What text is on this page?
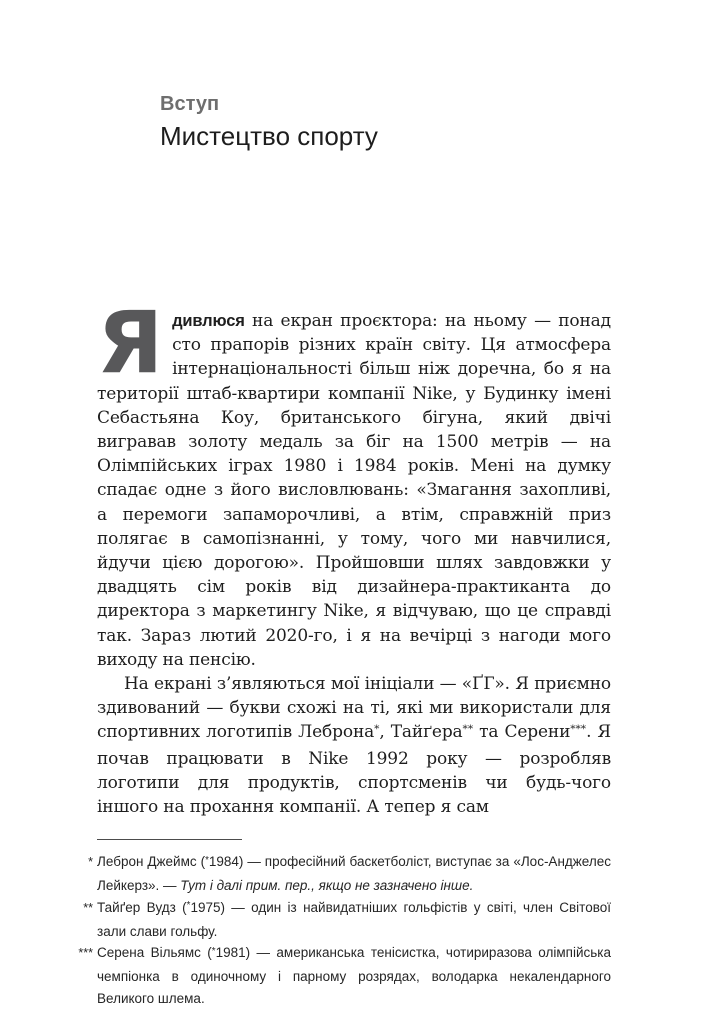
Вступ
Мистецтво спорту

Ядивлюся на екран проєктора: на ньому — понад сто прапорів різних країн світу. Ця атмосфера інтернаціональності більш ніж доречна, бо я на території штаб-квартири компанії Nike, у Будинку імені Себастьяна Коу, британського бігуна, який двічі вигравав золоту медаль за біг на 1500 метрів — на Олімпійських іграх 1980 і 1984 років. Мені на думку спадає одне з його висловлювань: «Змагання захопливі, а перемоги запаморочливі, а втім, справжній приз полягає в самопізнанні, у тому, чого ми навчилися, йдучи цією дорогою». Пройшовши шлях завдовжки у двадцять сім років від дизайнера-практиканта до директора з маркетингу Nike, я відчуваю, що це справді так. Зараз лютий 2020-го, і я на вечірці з нагоди мого виходу на пенсію.

На екрані з’являються мої ініціали — «ҐГ». Я приємно здивований — букви схожі на ті, які ми використали для спортивних логотипів Леброна*, Тайґера** та Серени***. Я почав працювати в Nike 1992 року — розробляв логотипи для продуктів, спортсменів чи будь-чого іншого на прохання компанії. А тепер я сам

* Леброн Джеймс (*1984) — професійний баскетболіст, виступає за «Лос-Анджелес Лейкерз». — Тут і далі прим. пер., якщо не зазначено інше.
** Тайґер Вудз (*1975) — один із найвидатніших гольфістів у світі, член Світової зали слави гольфу.
*** Серена Вільямс (*1981) — американська тенісистка, чотириразова олімпійська чемпіонка в одиночному і парному розрядах, володарка некалендарного Великого шлема.
